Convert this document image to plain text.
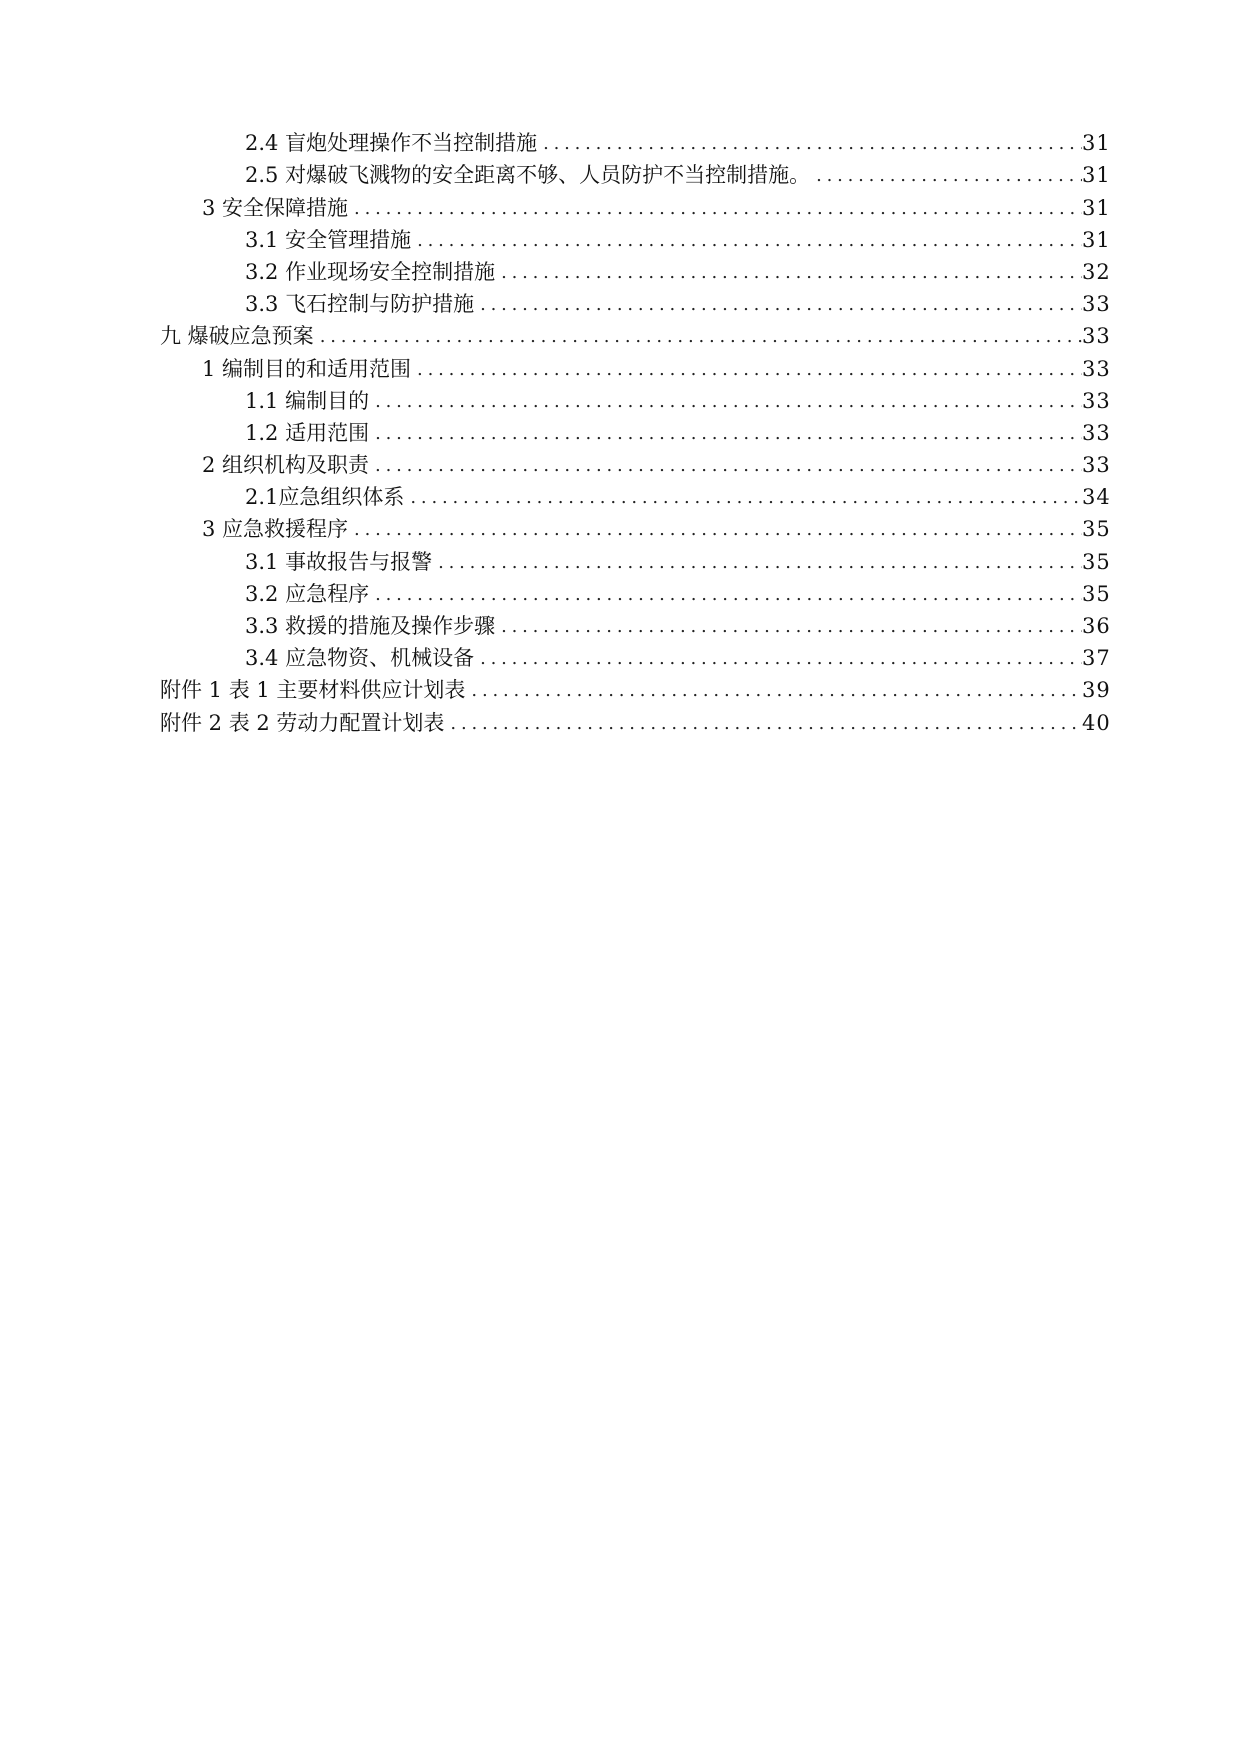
2.4 盲炮处理操作不当控制措施 .....	31
2.5 对爆破飞溅物的安全距离不够、人员防护不当控制措施。 .....	31
3 安全保障措施 .....	31
3.1 安全管理措施 .....	31
3.2 作业现场安全控制措施 .....	32
3.3 飞石控制与防护措施 .....	33
九 爆破应急预案 .....	33
1 编制目的和适用范围 .....	33
1.1 编制目的 .....	33
1.2 适用范围 .....	33
2 组织机构及职责 .....	33
2.1应急组织体系 .....	34
3 应急救援程序 .....	35
3.1 事故报告与报警 .....	35
3.2 应急程序 .....	35
3.3 救援的措施及操作步骤 .....	36
3.4 应急物资、机械设备 .....	37
附件 1 表 1 主要材料供应计划表 .....	39
附件 2 表 2 劳动力配置计划表 .....	40
